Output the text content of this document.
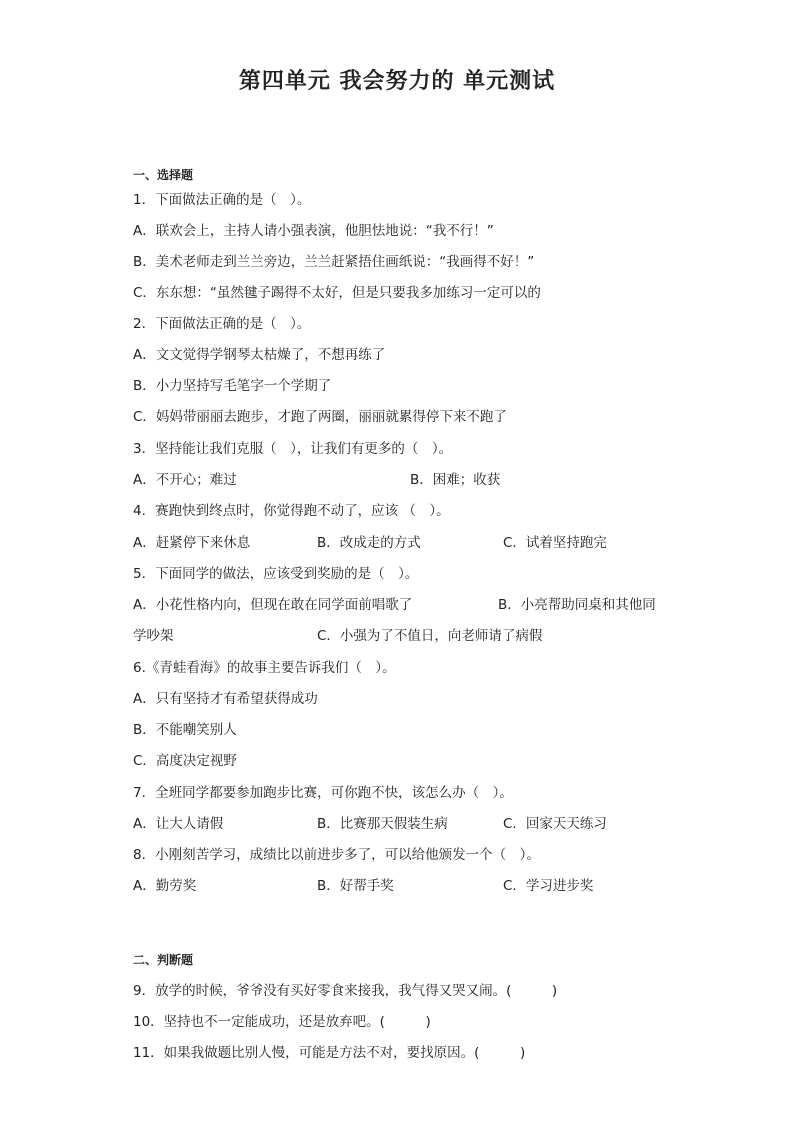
第四单元 我会努力的 单元测试
一、选择题
1．下面做法正确的是（　）。
A．联欢会上，主持人请小强表演，他胆怯地说：“我不行！”
B．美术老师走到兰兰旁边，兰兰赶紧捂住画纸说：“我画得不好！”
C．东东想：“虽然毽子踢得不太好，但是只要我多加练习一定可以的
2．下面做法正确的是（　）。
A．文文觉得学钢琴太枯燥了，不想再练了
B．小力坚持写毛笔字一个学期了
C．妈妈带丽丽去跑步，才跑了两圈，丽丽就累得停下来不跑了
3．坚持能让我们克服（　），让我们有更多的（　）。
A．不开心；难过	B．困难；收获
4．赛跑快到终点时，你觉得跑不动了，应该 （　）。
A．赶紧停下来休息	B．改成走的方式	C．试着坚持跑完
5．下面同学的做法，应该受到奖励的是（　）。
A．小花性格内向，但现在敢在同学面前唱歌了	B．小亮帮助同桌和其他同
学吵架	C．小强为了不值日，向老师请了病假
6.《青蛙看海》的故事主要告诉我们（　）。
A．只有坚持才有希望获得成功
B．不能嘲笑别人
C．高度决定视野
7．全班同学都要参加跑步比赛，可你跑不快，该怎么办（　）。
A．让大人请假	B．比赛那天假装生病	C．回家天天练习
8．小刚刻苦学习，成绩比以前进步多了，可以给他颁发一个（　）。
A．勤劳奖	B．好帮手奖	C．学习进步奖
二、判断题
9．放学的时候，爷爷没有买好零食来接我，我气得又哭又闹。(　　　)
10．坚持也不一定能成功，还是放弃吧。(　　　)
11．如果我做题比别人慢，可能是方法不对，要找原因。(　　　)
